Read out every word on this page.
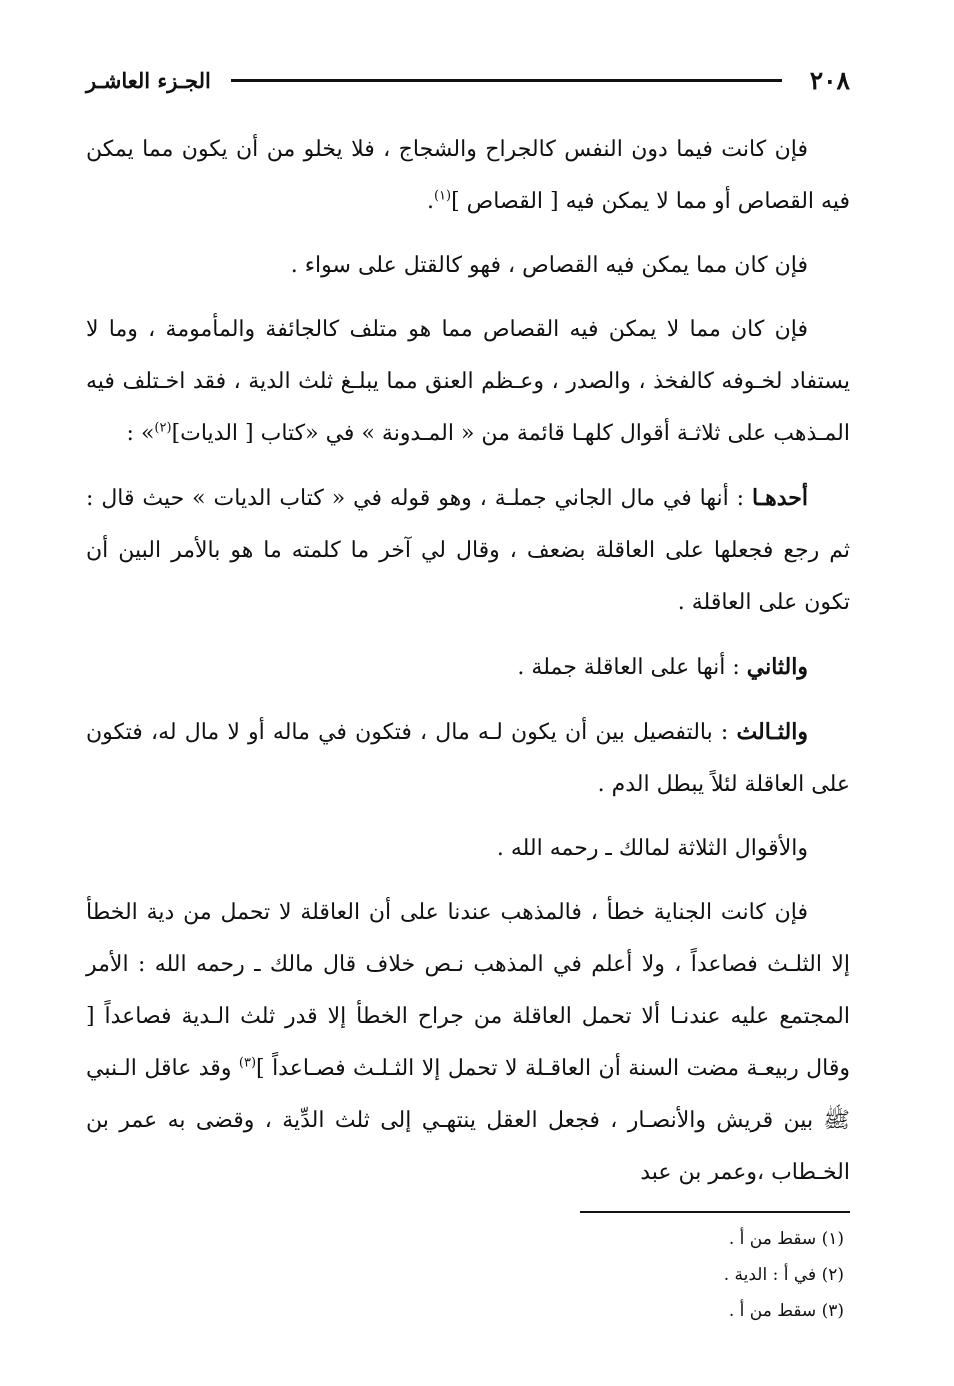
٢٠٨
الجـزء العاشـر

فإن كانت فيما دون النفس كالجراح والشجاج ، فلا يخلو من أن يكون مما يمكن فيه القصاص أو مما لا يمكن فيه [ القصاص ]$^{(١)}$.

فإن كان مما يمكن فيه القصاص ، فهو كالقتل على سواء .

فإن كان مما لا يمكن فيه القصاص مما هو متلف كالجائفة والمأمومة ، وما لا يستفاد لخـوفه كالفخذ ، والصدر ، وعـظم العنق مما يبلـغ ثلث الدية ، فقد اخـتلف فيه المـذهب على ثلاثـة أقوال كلهـا قائمة من « المـدونة » في «كتاب [ الديات]$^{(٢)}$» :

أحدهـا : أنها في مال الجاني جملـة ، وهو قوله في « كتاب الديات » حيث قال : ثم رجع فجعلها على العاقلة بضعف ، وقال لي آخر ما كلمته ما هو بالأمر البين أن تكون على العاقلة .

والثاني : أنها على العاقلة جملة .

والثـالث : بالتفصيل بين أن يكون لـه مال ، فتكون في ماله أو لا مال له، فتكون على العاقلة لئلاً يبطل الدم .

والأقوال الثلاثة لمالك ـ رحمه الله .

فإن كانت الجناية خطأ ، فالمذهب عندنا على أن العاقلة لا تحمل من دية الخطأ إلا الثلـث فصاعداً ، ولا أعلم في المذهب نـص خلاف قال مالك ـ رحمه الله : الأمر المجتمع عليه عندنـا ألا تحمل العاقلة من جراح الخطأ إلا قدر ثلث الـدية فصاعداً [ وقال ربيعـة مضت السنة أن العاقـلة لا تحمل إلا الثـلـث فصـاعداً ]$^{(٣)}$ وقد عاقل الـنبي ﷺ بين قريش والأنصـار ، فجعل العقل ينتهـي إلى ثلث الدِّية ، وقضى به عمر بن الخـطاب ،وعمر بن عبد

(١) سقط من أ .

(٢) في أ : الدية .

(٣) سقط من أ .
